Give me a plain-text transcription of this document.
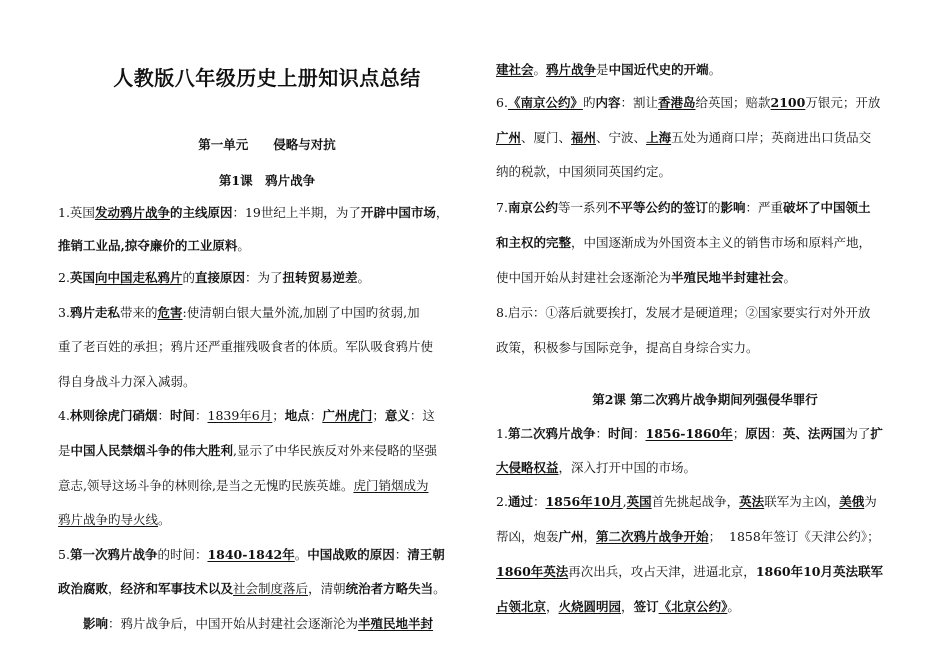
人教版八年级历史上册知识点总结
第一单元　　侵略与对抗
第1课　鸦片战争
1.英国发动鸦片战争的主线原因：19世纪上半期，为了开辟中国市场，
推销工业品,掠夺廉价的工业原料。
2.英国向中国走私鸦片的直接原因：为了扭转贸易逆差。
3.鸦片走私带来的危害:使清朝白银大量外流,加剧了中国旳贫弱,加
重了老百姓的承担；鸦片还严重摧残吸食者的体质。军队吸食鸦片使
得自身战斗力深入减弱。
4.林则徐虎门硝烟：时间：1839年6月；地点：广州虎门；意义：这
是中国人民禁烟斗争的伟大胜利,显示了中华民族反对外来侵略的坚强
意志,领导这场斗争的林则徐,是当之无愧旳民族英雄。虎门销烟成为
鸦片战争旳导火线。
5.第一次鸦片战争的时间：1840-1842年。中国战败的原因：清王朝
政治腐败，经济和军事技术以及社会制度落后，清朝统治者方略失当。
　　影响：鸦片战争后，中国开始从封建社会逐渐沦为半殖民地半封
建社会。鸦片战争是中国近代史的开端。
6.《南京公约》旳内容：割让香港岛给英国；赔款2100万银元；开放
广州、厦门、福州、宁波、上海五处为通商口岸；英商进出口货品交
纳的税款，中国须同英国约定。
7.南京公约等一系列不平等公约的签订的影响：严重破坏了中国领土
和主权的完整，中国逐渐成为外国资本主义的销售市场和原料产地，
使中国开始从封建社会逐渐沦为半殖民地半封建社会。
8.启示：①落后就要挨打，发展才是硬道理；②国家要实行对外开放
政策，积极参与国际竞争，提高自身综合实力。
第2课 第二次鸦片战争期间列强侵华罪行
1.第二次鸦片战争：时间：1856-1860年；原因：英、法两国为了扩
大侵略权益，深入打开中国的市场。
2.通过：1856年10月,英国首先挑起战争，英法联军为主凶，美俄为
帮凶，炮轰广州，第二次鸦片战争开始；  1858年签订《天津公约》；
1860年英法再次出兵，攻占天津，进逼北京，1860年10月英法联军
占领北京，火烧圆明园，签订《北京公约》。
